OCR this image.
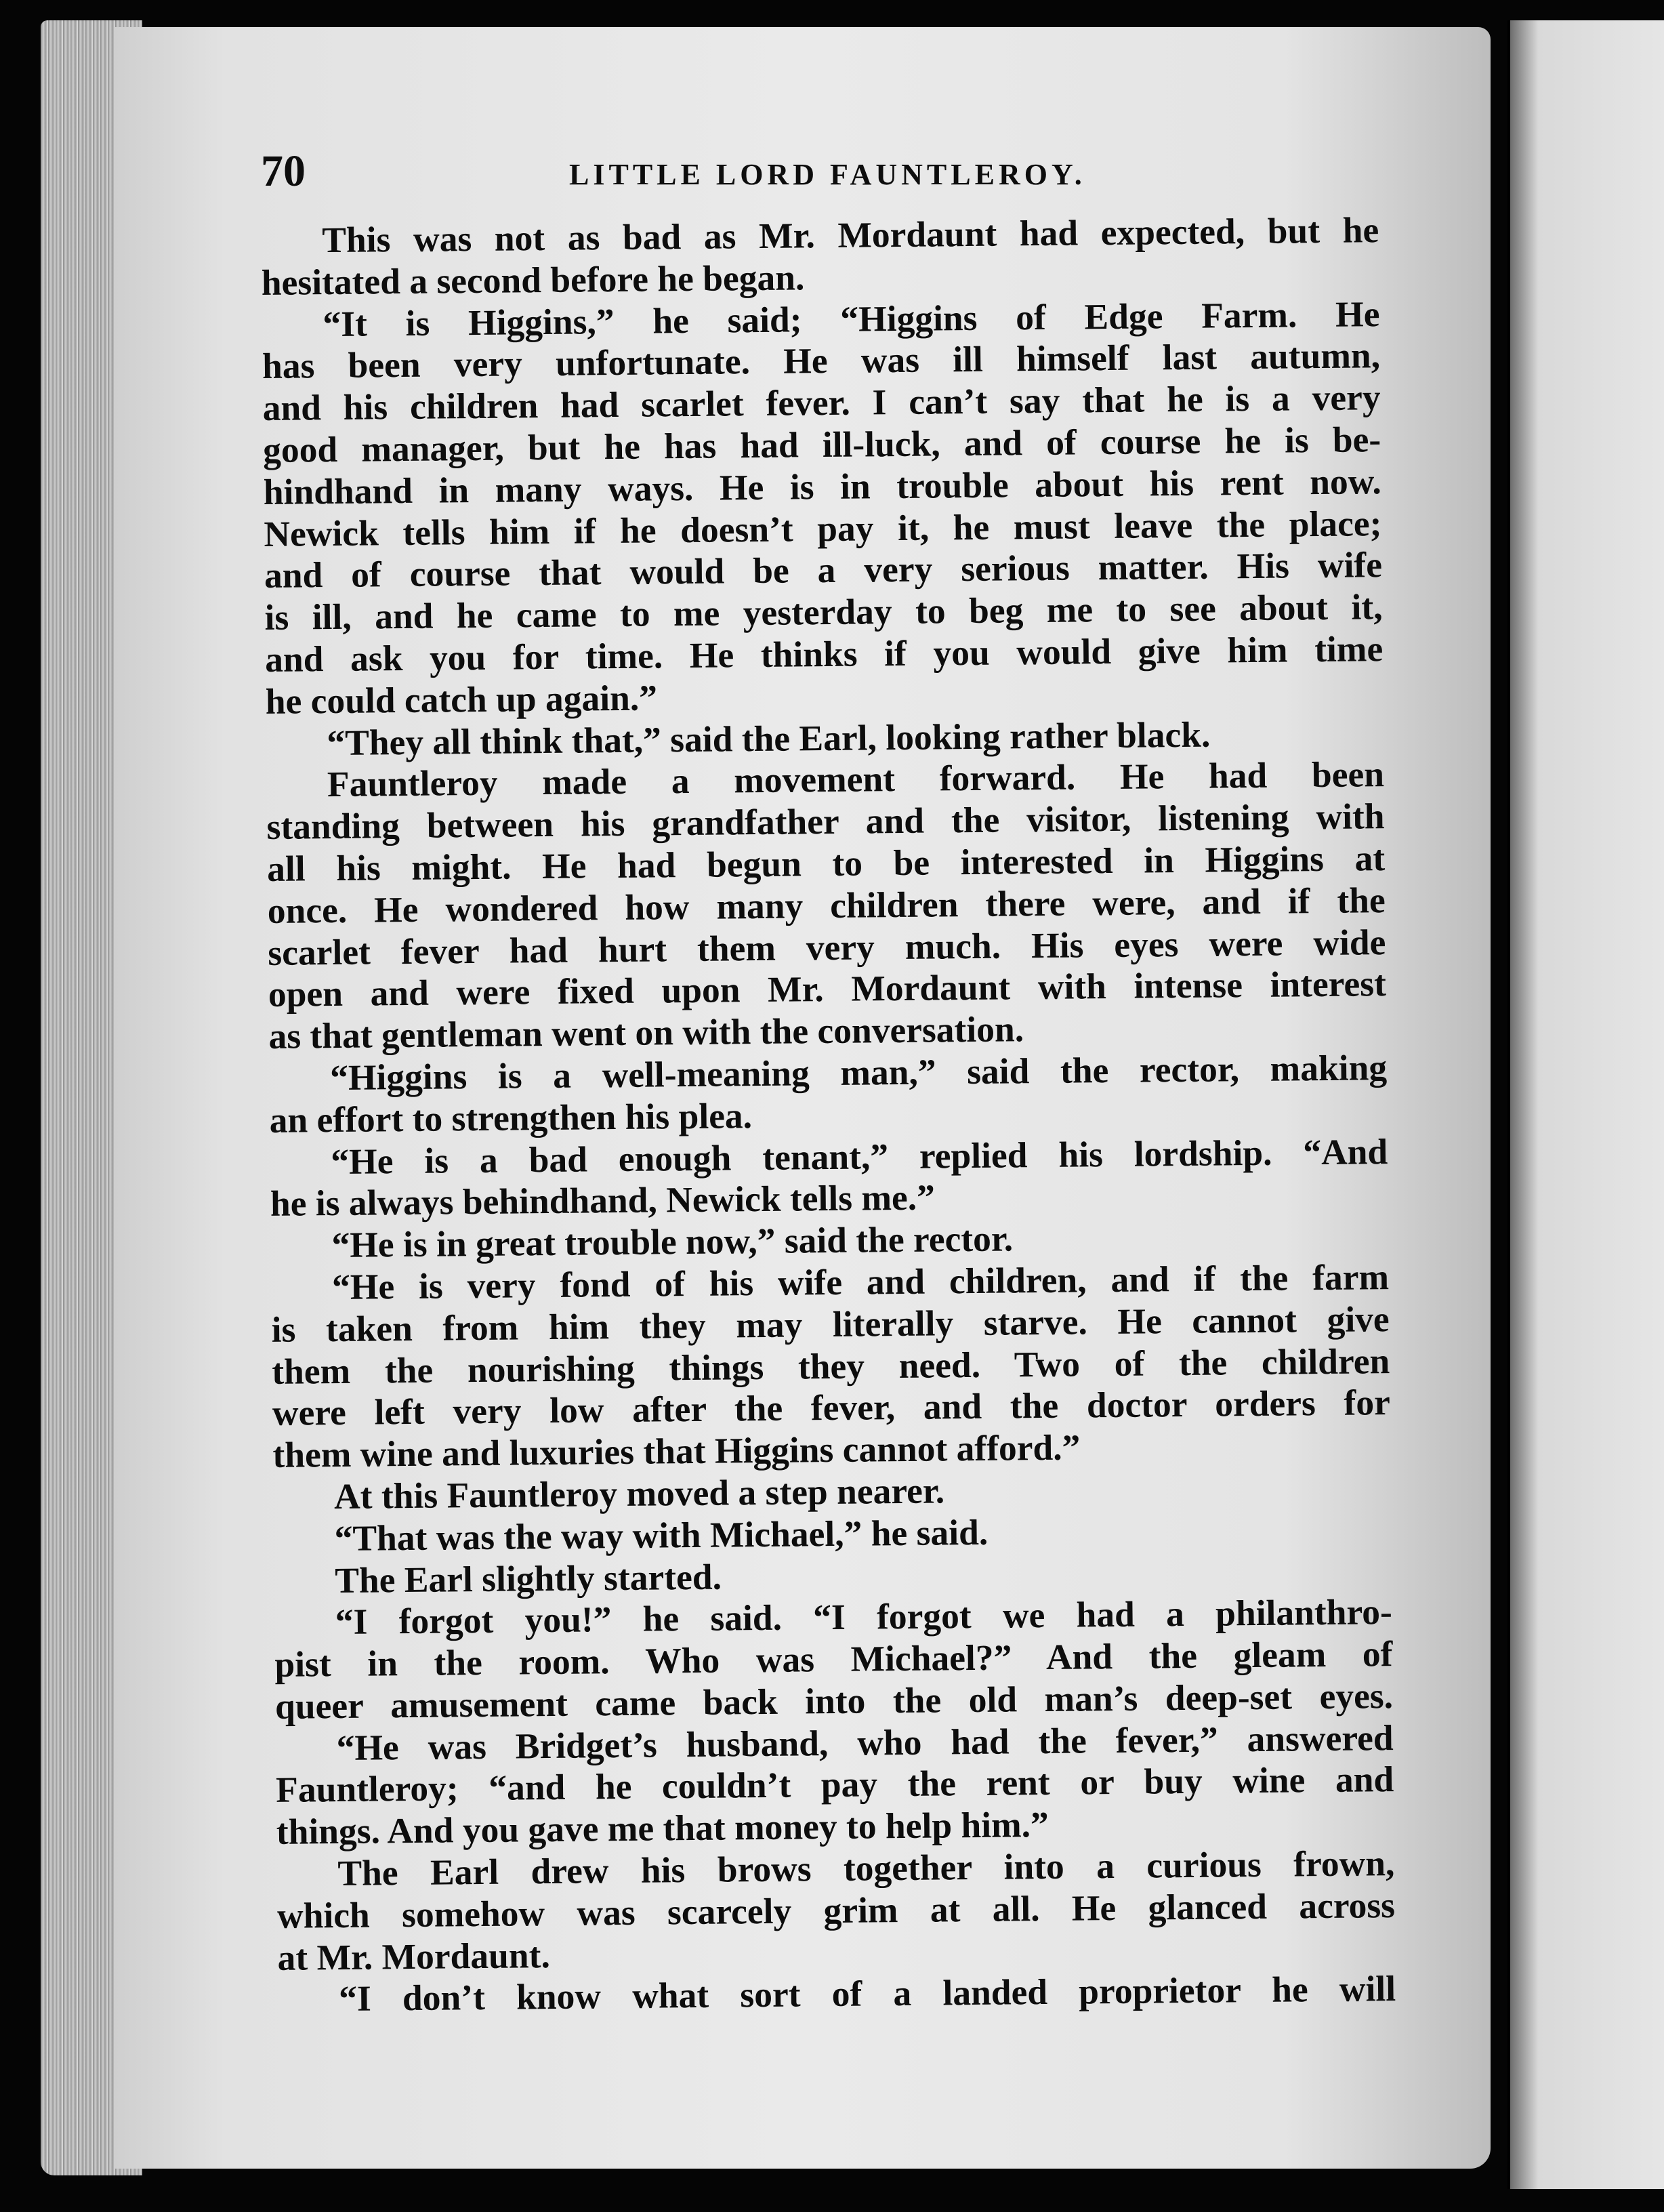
70	LITTLE LORD FAUNTLEROY.
This was not as bad as Mr. Mordaunt had expected, but he
hesitated a second before he began.
“It is Higgins,” he said; “Higgins of Edge Farm. He
has been very unfortunate. He was ill himself last autumn,
and his children had scarlet fever. I can’t say that he is a very
good manager, but he has had ill-luck, and of course he is be-
hindhand in many ways. He is in trouble about his rent now.
Newick tells him if he doesn’t pay it, he must leave the place;
and of course that would be a very serious matter. His wife
is ill, and he came to me yesterday to beg me to see about it,
and ask you for time. He thinks if you would give him time
he could catch up again.”
“They all think that,” said the Earl, looking rather black.
Fauntleroy made a movement forward. He had been
standing between his grandfather and the visitor, listening with
all his might. He had begun to be interested in Higgins at
once. He wondered how many children there were, and if the
scarlet fever had hurt them very much. His eyes were wide
open and were fixed upon Mr. Mordaunt with intense interest
as that gentleman went on with the conversation.
“Higgins is a well-meaning man,” said the rector, making
an effort to strengthen his plea.
“He is a bad enough tenant,” replied his lordship. “And
he is always behindhand, Newick tells me.”
“He is in great trouble now,” said the rector.
“He is very fond of his wife and children, and if the farm
is taken from him they may literally starve. He cannot give
them the nourishing things they need. Two of the children
were left very low after the fever, and the doctor orders for
them wine and luxuries that Higgins cannot afford.”
At this Fauntleroy moved a step nearer.
“That was the way with Michael,” he said.
The Earl slightly started.
“I forgot you!” he said. “I forgot we had a philanthro-
pist in the room. Who was Michael?” And the gleam of
queer amusement came back into the old man’s deep-set eyes.
“He was Bridget’s husband, who had the fever,” answered
Fauntleroy; “and he couldn’t pay the rent or buy wine and
things. And you gave me that money to help him.”
The Earl drew his brows together into a curious frown,
which somehow was scarcely grim at all. He glanced across
at Mr. Mordaunt.
“I don’t know what sort of a landed proprietor he will
